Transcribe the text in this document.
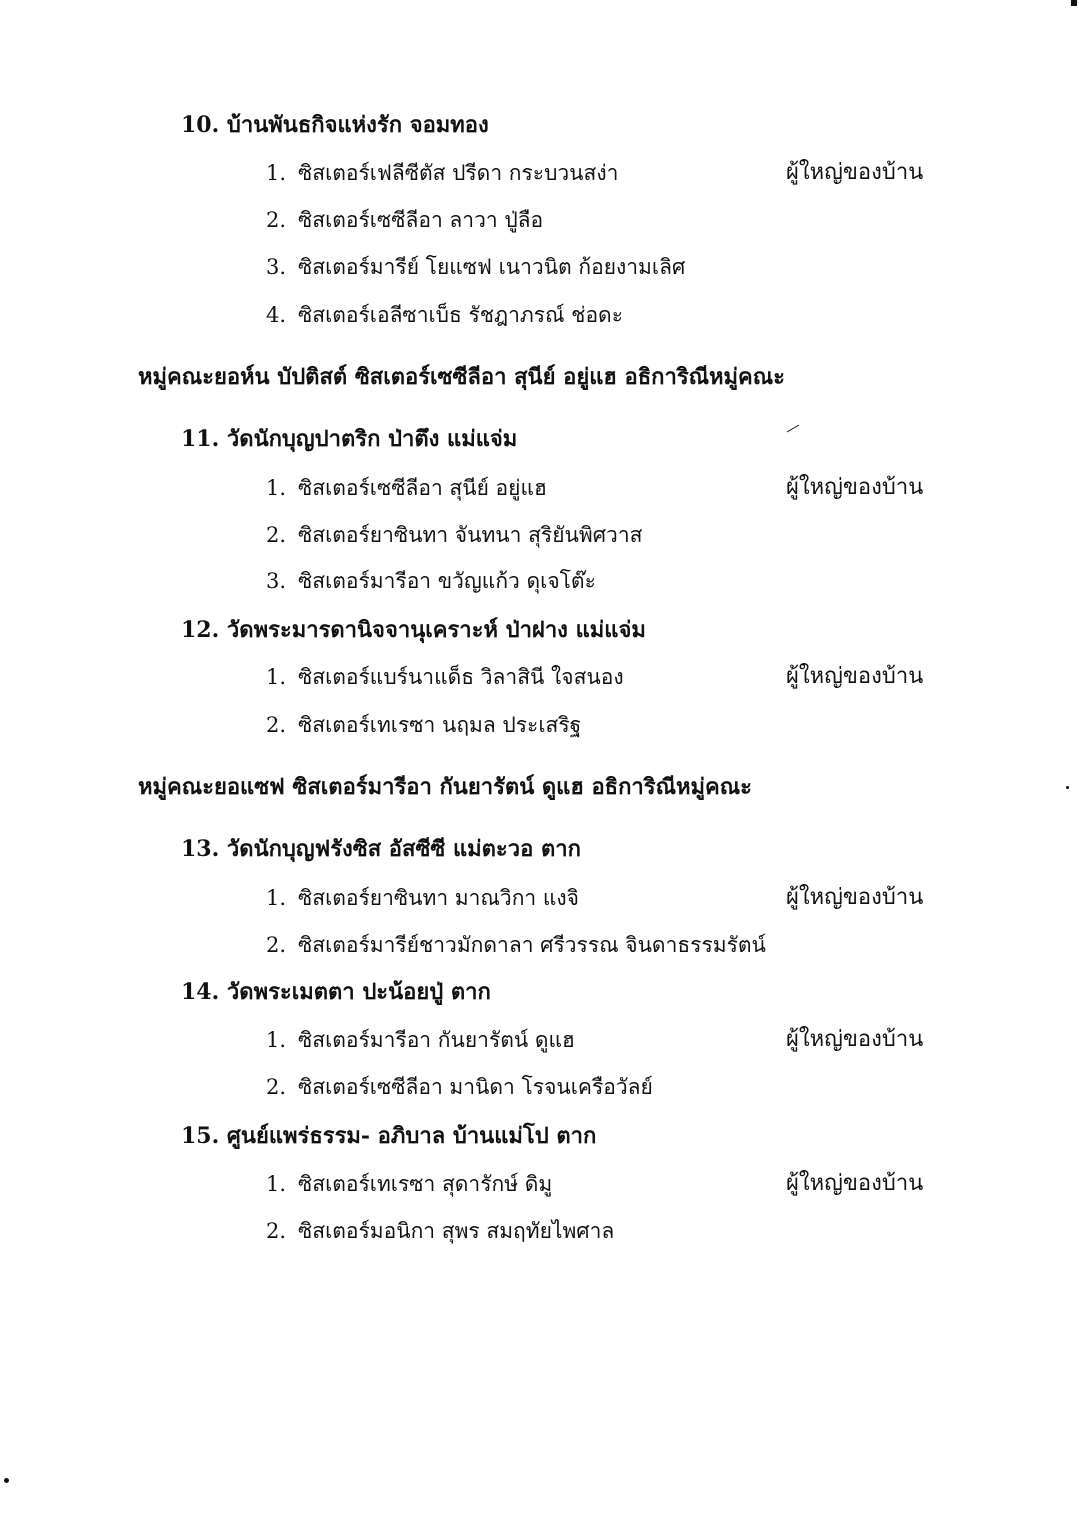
10. บ้านพันธกิจแห่งรัก จอมทอง
1. ซิสเตอร์เฟลีซีตัส ปรีดา กระบวนสง่า	ผู้ใหญ่ของบ้าน
2. ซิสเตอร์เซซีลีอา ลาวา ปู่ลือ
3. ซิสเตอร์มารีย์ โยแซฟ เนาวนิต ก้อยงามเลิศ
4. ซิสเตอร์เอลีซาเบ็ธ รัชฎาภรณ์ ช่อดะ
หมู่คณะยอห์น บัปติสต์ ซิสเตอร์เซซีลีอา สุนีย์ อยู่แฮ อธิการิณีหมู่คณะ
11. วัดนักบุญปาตริก ป่าตึง แม่แจ่ม
1. ซิสเตอร์เซซีลีอา สุนีย์ อยู่แฮ	ผู้ใหญ่ของบ้าน
2. ซิสเตอร์ยาซินทา จันทนา สุริยันพิศวาส
3. ซิสเตอร์มารีอา ขวัญแก้ว ดุเจโต๊ะ
12. วัดพระมารดานิจจานุเคราะห์ ป่าฝาง แม่แจ่ม
1. ซิสเตอร์แบร์นาแด็ธ วิลาสินี ใจสนอง	ผู้ใหญ่ของบ้าน
2. ซิสเตอร์เทเรซา นฤมล ประเสริฐ
หมู่คณะยอแซฟ ซิสเตอร์มารีอา กันยารัตน์ ดูแฮ อธิการิณีหมู่คณะ
13. วัดนักบุญฟรังซิส อัสซีซี แม่ตะวอ ตาก
1. ซิสเตอร์ยาซินทา มาณวิกา แงจิ	ผู้ใหญ่ของบ้าน
2. ซิสเตอร์มารีย์ชาวมักดาลา ศรีวรรณ จินดาธรรมรัตน์
14. วัดพระเมตตา ปะน้อยปู่ ตาก
1. ซิสเตอร์มารีอา กันยารัตน์ ดูแฮ	ผู้ใหญ่ของบ้าน
2. ซิสเตอร์เซซีลีอา มานิดา โรจนเครือวัลย์
15. ศูนย์แพร่ธรรม- อภิบาล บ้านแม่โป ตาก
1. ซิสเตอร์เทเรซา สุดารักษ์ ดิมู	ผู้ใหญ่ของบ้าน
2. ซิสเตอร์มอนิกา สุพร สมฤทัยไพศาล
